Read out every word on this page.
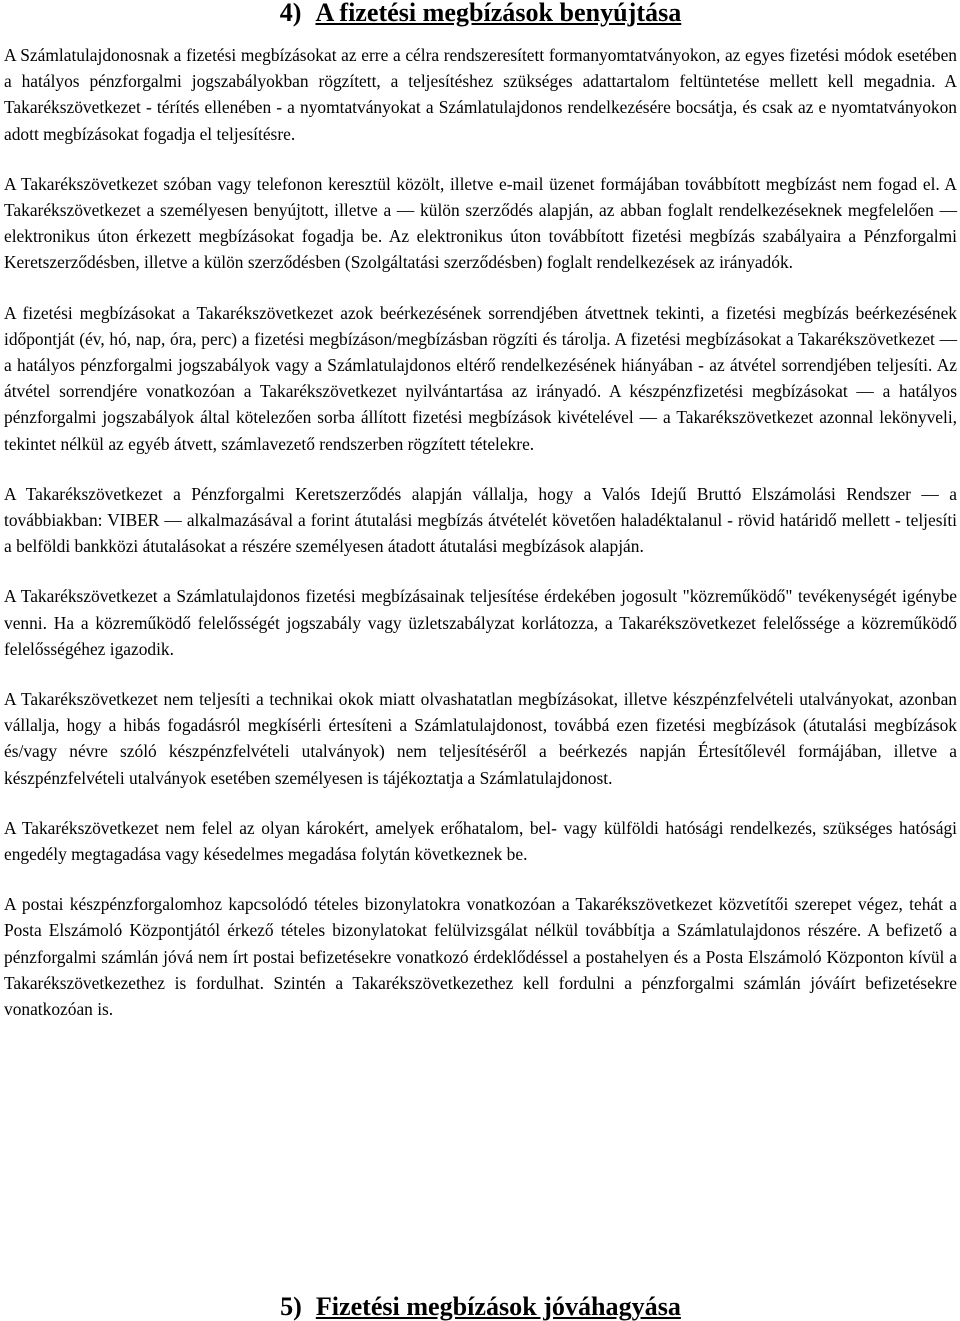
4) A fizetési megbízások benyújtása

A Számlatulajdonosnak a fizetési megbízásokat az erre a célra rendszeresített formanyomtatványokon, az egyes fizetési módok esetében a hatályos pénzforgalmi jogszabályokban rögzített, a teljesítéshez szükséges adattartalom feltüntetése mellett kell megadnia. A Takarékszövetkezet - térítés ellenében - a nyomtatványokat a Számlatulajdonos rendelkezésére bocsátja, és csak az e nyomtatványokon adott megbízásokat fogadja el teljesítésre.

A Takarékszövetkezet szóban vagy telefonon keresztül közölt, illetve e-mail üzenet formájában továbbított megbízást nem fogad el. A Takarékszövetkezet a személyesen benyújtott, illetve a — külön szerződés alapján, az abban foglalt rendelkezéseknek megfelelően — elektronikus úton érkezett megbízásokat fogadja be. Az elektronikus úton továbbított fizetési megbízás szabályaira a Pénzforgalmi Keretszerződésben, illetve a külön szerződésben (Szolgáltatási szerződésben) foglalt rendelkezések az irányadók.

A fizetési megbízásokat a Takarékszövetkezet azok beérkezésének sorrendjében átvettnek tekinti, a fizetési megbízás beérkezésének időpontját (év, hó, nap, óra, perc) a fizetési megbízáson/megbízásban rögzíti és tárolja. A fizetési megbízásokat a Takarékszövetkezet — a hatályos pénzforgalmi jogszabályok vagy a Számlatulajdonos eltérő rendelkezésének hiányában - az átvétel sorrendjében teljesíti. Az átvétel sorrendjére vonatkozóan a Takarékszövetkezet nyilvántartása az irányadó. A készpénzfizetési megbízásokat — a hatályos pénzforgalmi jogszabályok által kötelezően sorba állított fizetési megbízások kivételével — a Takarékszövetkezet azonnal lekönyveli, tekintet nélkül az egyéb átvett, számlavezető rendszerben rögzített tételekre.

A Takarékszövetkezet a Pénzforgalmi Keretszerződés alapján vállalja, hogy a Valós Idejű Bruttó Elszámolási Rendszer — a továbbiakban: VIBER — alkalmazásával a forint átutalási megbízás átvételét követően haladéktalanul - rövid határidő mellett - teljesíti a belföldi bankközi átutalásokat a részére személyesen átadott átutalási megbízások alapján.

A Takarékszövetkezet a Számlatulajdonos fizetési megbízásainak teljesítése érdekében jogosult "közreműködő" tevékenységét igénybe venni. Ha a közreműködő felelősségét jogszabály vagy üzletszabályzat korlátozza, a Takarékszövetkezet felelőssége a közreműködő felelősségéhez igazodik.

A Takarékszövetkezet nem teljesíti a technikai okok miatt olvashatatlan megbízásokat, illetve készpénzfelvételi utalványokat, azonban vállalja, hogy a hibás fogadásról megkísérli értesíteni a Számlatulajdonost, továbbá ezen fizetési megbízások (átutalási megbízások és/vagy névre szóló készpénzfelvételi utalványok) nem teljesítéséről a beérkezés napján Értesítőlevél formájában, illetve a készpénzfelvételi utalványok esetében személyesen is tájékoztatja a Számlatulajdonost.

A Takarékszövetkezet nem felel az olyan károkért, amelyek erőhatalom, bel- vagy külföldi hatósági rendelkezés, szükséges hatósági engedély megtagadása vagy késedelmes megadása folytán következnek be.

A postai készpénzforgalomhoz kapcsolódó tételes bizonylatokra vonatkozóan a Takarékszövetkezet közvetítői szerepet végez, tehát a Posta Elszámoló Központjától érkező tételes bizonylatokat felülvizsgálat nélkül továbbítja a Számlatulajdonos részére. A befizető a pénzforgalmi számlán jóvá nem írt postai befizetésekre vonatkozó érdeklődéssel a postahelyen és a Posta Elszámoló Központon kívül a Takarékszövetkezethez is fordulhat. Szintén a Takarékszövetkezethez kell fordulni a pénzforgalmi számlán jóváírt befizetésekre vonatkozóan is.

5) Fizetési megbízások jóváhagyása
